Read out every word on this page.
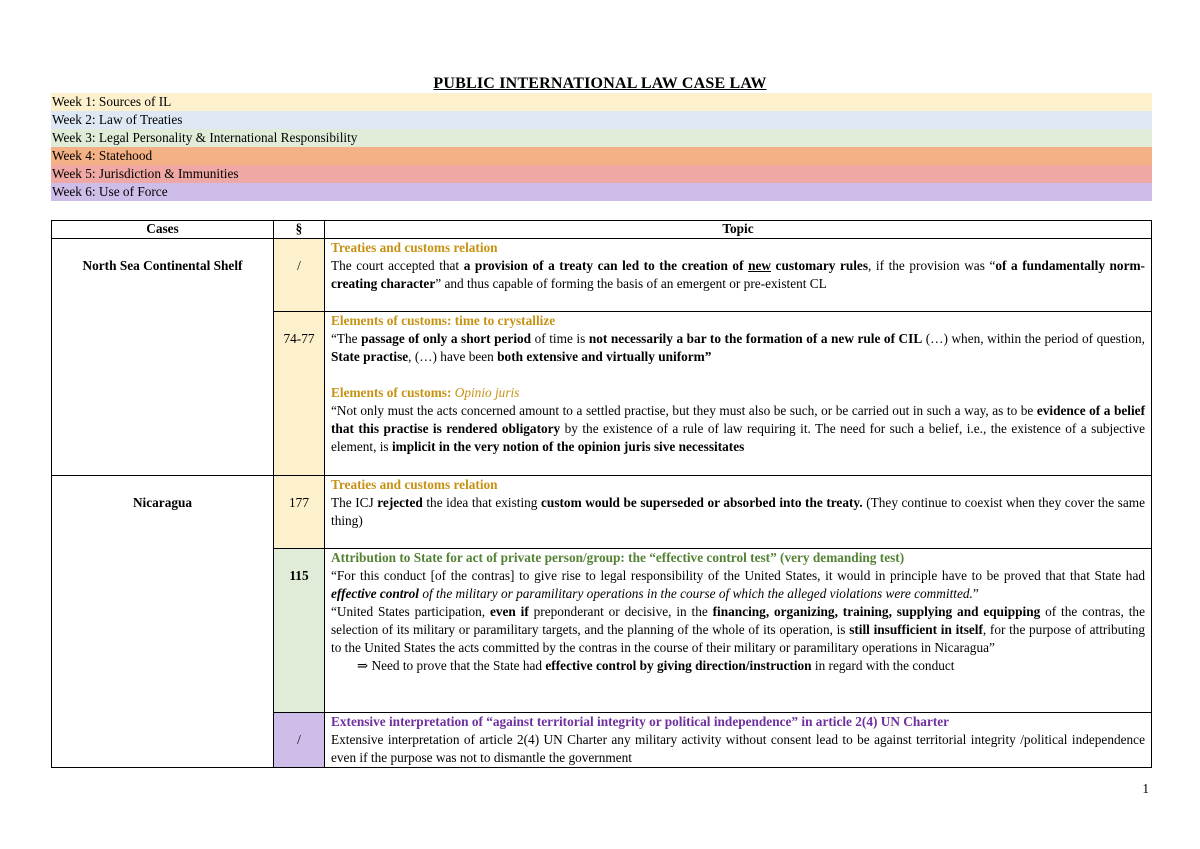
PUBLIC INTERNATIONAL LAW CASE LAW
Week 1: Sources of IL
Week 2: Law of Treaties
Week 3: Legal Personality & International Responsibility
Week 4: Statehood
Week 5: Jurisdiction & Immunities
Week 6: Use of Force
Cases	§	Topic

North Sea Continental Shelf	/	Treaties and customs relation
The court accepted that a provision of a treaty can led to the creation of new customary rules, if the provision was “of a fundamentally norm-creating character” and thus capable of forming the basis of an emergent or pre-existent CL

	74-77	Elements of customs: time to crystallize
“The passage of only a short period of time is not necessarily a bar to the formation of a new rule of CIL (…) when, within the period of question, State practise, (…) have been both extensive and virtually uniform”
Elements of customs: Opinio juris
“Not only must the acts concerned amount to a settled practise, but they must also be such, or be carried out in such a way, as to be evidence of a belief that this practise is rendered obligatory by the existence of a rule of law requiring it. The need for such a belief, i.e., the existence of a subjective element, is implicit in the very notion of the opinion juris sive necessitates

Nicaragua	177	Treaties and customs relation
The ICJ rejected the idea that existing custom would be superseded or absorbed into the treaty. (They continue to coexist when they cover the same thing)

	115	Attribution to State for act of private person/group: the “effective control test” (very demanding test)
“For this conduct [of the contras] to give rise to legal responsibility of the United States, it would in principle have to be proved that that State had effective control of the military or paramilitary operations in the course of which the alleged violations were committed.”
“United States participation, even if preponderant or decisive, in the financing, organizing, training, supplying and equipping of the contras, the selection of its military or paramilitary targets, and the planning of the whole of its operation, is still insufficient in itself, for the purpose of attributing to the United States the acts committed by the contras in the course of their military or paramilitary operations in Nicaragua”
⇒ Need to prove that the State had effective control by giving direction/instruction in regard with the conduct

	/	Extensive interpretation of “against territorial integrity or political independence” in article 2(4) UN Charter
Extensive interpretation of article 2(4) UN Charter any military activity without consent lead to be against territorial integrity /political independence even if the purpose was not to dismantle the government
1
